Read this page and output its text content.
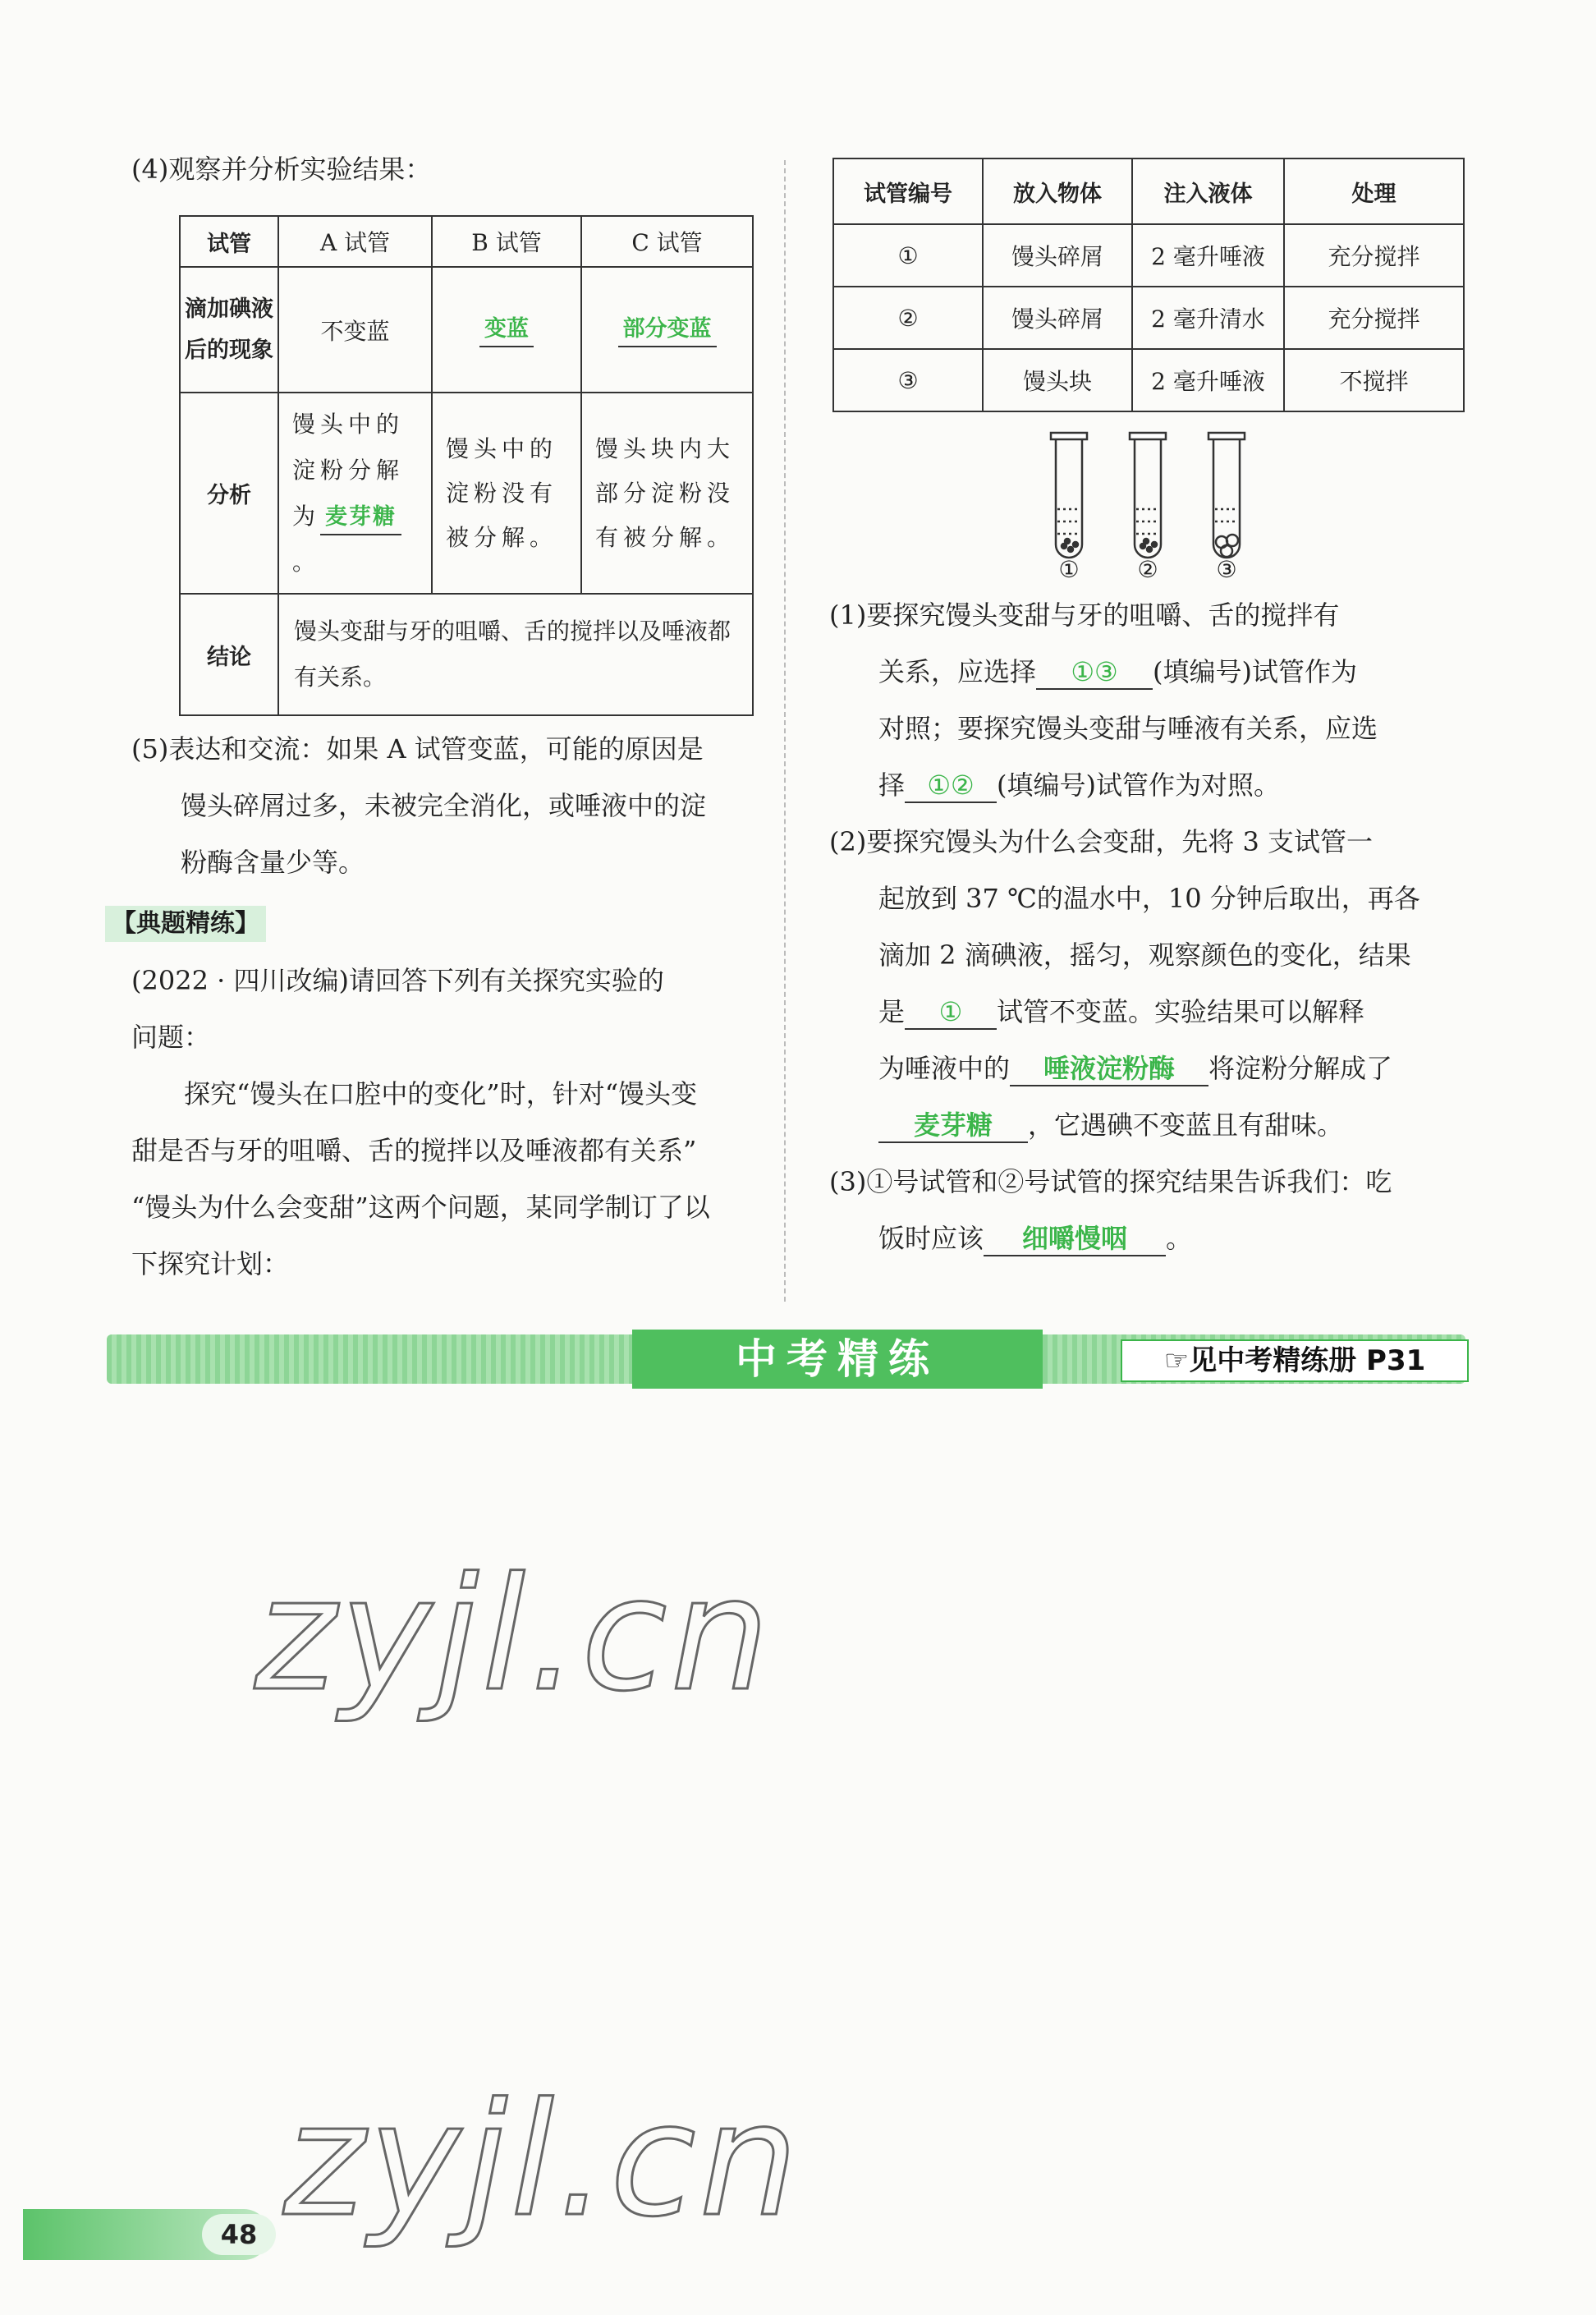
(4)观察并分析实验结果：
试管	A 试管	B 试管	C 试管
滴加碘液后的现象	不变蓝	变蓝	部分变蓝
分析	馒头中的淀粉分解为 麦芽糖。	馒头中的淀粉没有被分解。	馒头块内大部分淀粉没有被分解。
结论	馒头变甜与牙的咀嚼、舌的搅拌以及唾液都有关系。		
(5)表达和交流：如果 A 试管变蓝，可能的原因是
馒头碎屑过多，未被完全消化，或唾液中的淀
粉酶含量少等。
【典题精练】
(2022 · 四川改编)请回答下列有关探究实验的
问题：
探究“馒头在口腔中的变化”时，针对“馒头变
甜是否与牙的咀嚼、舌的搅拌以及唾液都有关系”
“馒头为什么会变甜”这两个问题，某同学制订了以
下探究计划：
试管编号	放入物体	注入液体	处理
①	馒头碎屑	2 毫升唾液	充分搅拌
②	馒头碎屑	2 毫升清水	充分搅拌
③	馒头块	2 毫升唾液	不搅拌
①	②	③
(1)要探究馒头变甜与牙的咀嚼、舌的搅拌有
关系，应选择 ①③ (填编号)试管作为
对照；要探究馒头变甜与唾液有关系，应选
择 ①② (填编号)试管作为对照。
(2)要探究馒头为什么会变甜，先将 3 支试管一
起放到 37 ℃的温水中，10 分钟后取出，再各
滴加 2 滴碘液，摇匀，观察颜色的变化，结果
是 ① 试管不变蓝。实验结果可以解释
为唾液中的 唾液淀粉酶 将淀粉分解成了
麦芽糖 ，它遇碘不变蓝且有甜味。
(3)①号试管和②号试管的探究结果告诉我们：吃
饭时应该 细嚼慢咽 。
中考精练	☞见中考精练册 P31
zyjl.cn
zyjl.cn
48
